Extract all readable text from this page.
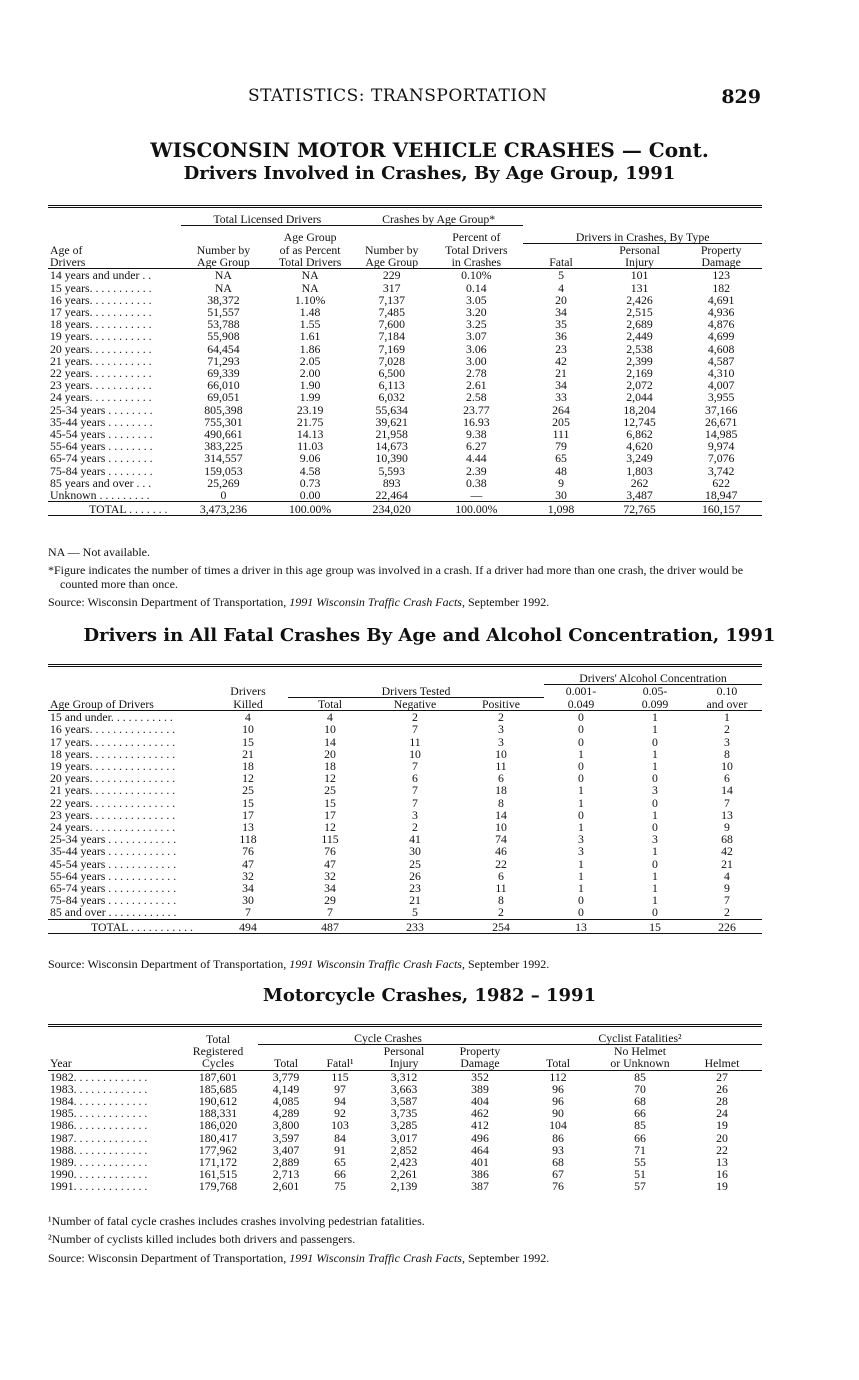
STATISTICS: TRANSPORTATION	829
WISCONSIN MOTOR VEHICLE CRASHES — Cont.
Drivers Involved in Crashes, By Age Group, 1991
	Total Licensed Drivers		Crashes by Age Group*				
		Age Group		Percent of	Drivers in Crashes, By Type		
Age of	Number by	of as Percent	Number by	Total Drivers		Personal	Property
Drivers	Age Group	Total Drivers	Age Group	in Crashes	Fatal	Injury	Damage
14 years and under . .	NA	NA	229	0.10%	5	101	123
15 years. . . . . . . . . . .	NA	NA	317	0.14	4	131	182
16 years. . . . . . . . . . .	38,372	1.10%	7,137	3.05	20	2,426	4,691
17 years. . . . . . . . . . .	51,557	1.48	7,485	3.20	34	2,515	4,936
18 years. . . . . . . . . . .	53,788	1.55	7,600	3.25	35	2,689	4,876
19 years. . . . . . . . . . .	55,908	1.61	7,184	3.07	36	2,449	4,699
20 years. . . . . . . . . . .	64,454	1.86	7,169	3.06	23	2,538	4,608
21 years. . . . . . . . . . .	71,293	2.05	7,028	3.00	42	2,399	4,587
22 years. . . . . . . . . . .	69,339	2.00	6,500	2.78	21	2,169	4,310
23 years. . . . . . . . . . .	66,010	1.90	6,113	2.61	34	2,072	4,007
24 years. . . . . . . . . . .	69,051	1.99	6,032	2.58	33	2,044	3,955
25-34 years . . . . . . . .	805,398	23.19	55,634	23.77	264	18,204	37,166
35-44 years . . . . . . . .	755,301	21.75	39,621	16.93	205	12,745	26,671
45-54 years . . . . . . . .	490,661	14.13	21,958	9.38	111	6,862	14,985
55-64 years . . . . . . . .	383,225	11.03	14,673	6.27	79	4,620	9,974
65-74 years . . . . . . . .	314,557	9.06	10,390	4.44	65	3,249	7,076
75-84 years . . . . . . . .	159,053	4.58	5,593	2.39	48	1,803	3,742
85 years and over . . .	25,269	0.73	893	0.38	9	262	622
Unknown . . . . . . . . .	0	0.00	22,464	—	30	3,487	18,947
TOTAL . . . . . . .	3,473,236	100.00%	234,020	100.00%	1,098	72,765	160,157
NA — Not available.
*Figure indicates the number of times a driver in this age group was involved in a crash. If a driver had more than one crash, the driver would be counted more than once.
Source: Wisconsin Department of Transportation, 1991 Wisconsin Traffic Crash Facts, September 1992.
Drivers in All Fatal Crashes By Age and Alcohol Concentration, 1991
					Drivers' Alcohol Concentration		
	Drivers	Drivers Tested			0.001-	0.05-	0.10
Age Group of Drivers	Killed	Total	Negative	Positive	0.049	0.099	and over
15 and under. . . . . . . . . . .	4	4	2	2	0	1	1
16 years. . . . . . . . . . . . . . .	10	10	7	3	0	1	2
17 years. . . . . . . . . . . . . . .	15	14	11	3	0	0	3
18 years. . . . . . . . . . . . . . .	21	20	10	10	1	1	8
19 years. . . . . . . . . . . . . . .	18	18	7	11	0	1	10
20 years. . . . . . . . . . . . . . .	12	12	6	6	0	0	6
21 years. . . . . . . . . . . . . . .	25	25	7	18	1	3	14
22 years. . . . . . . . . . . . . . .	15	15	7	8	1	0	7
23 years. . . . . . . . . . . . . . .	17	17	3	14	0	1	13
24 years. . . . . . . . . . . . . . .	13	12	2	10	1	0	9
25-34 years . . . . . . . . . . . .	118	115	41	74	3	3	68
35-44 years . . . . . . . . . . . .	76	76	30	46	3	1	42
45-54 years . . . . . . . . . . . .	47	47	25	22	1	0	21
55-64 years . . . . . . . . . . . .	32	32	26	6	1	1	4
65-74 years . . . . . . . . . . . .	34	34	23	11	1	1	9
75-84 years . . . . . . . . . . . .	30	29	21	8	0	1	7
85 and over . . . . . . . . . . . .	7	7	5	2	0	0	2
TOTAL . . . . . . . . . . .	494	487	233	254	13	15	226
Source: Wisconsin Department of Transportation, 1991 Wisconsin Traffic Crash Facts, September 1992.
Motorcycle Crashes, 1982 – 1991
	Total	Cycle Crashes				Cyclist Fatalities²		
	Registered			Personal	Property		No Helmet	
Year	Cycles	Total	Fatal¹	Injury	Damage	Total	or Unknown	Helmet
1982. . . . . . . . . . . . .	187,601	3,779	115	3,312	352	112	85	27
1983. . . . . . . . . . . . .	185,685	4,149	97	3,663	389	96	70	26
1984. . . . . . . . . . . . .	190,612	4,085	94	3,587	404	96	68	28
1985. . . . . . . . . . . . .	188,331	4,289	92	3,735	462	90	66	24
1986. . . . . . . . . . . . .	186,020	3,800	103	3,285	412	104	85	19
1987. . . . . . . . . . . . .	180,417	3,597	84	3,017	496	86	66	20
1988. . . . . . . . . . . . .	177,962	3,407	91	2,852	464	93	71	22
1989. . . . . . . . . . . . .	171,172	2,889	65	2,423	401	68	55	13
1990. . . . . . . . . . . . .	161,515	2,713	66	2,261	386	67	51	16
1991. . . . . . . . . . . . .	179,768	2,601	75	2,139	387	76	57	19
¹Number of fatal cycle crashes includes crashes involving pedestrian fatalities.
²Number of cyclists killed includes both drivers and passengers.
Source: Wisconsin Department of Transportation, 1991 Wisconsin Traffic Crash Facts, September 1992.
